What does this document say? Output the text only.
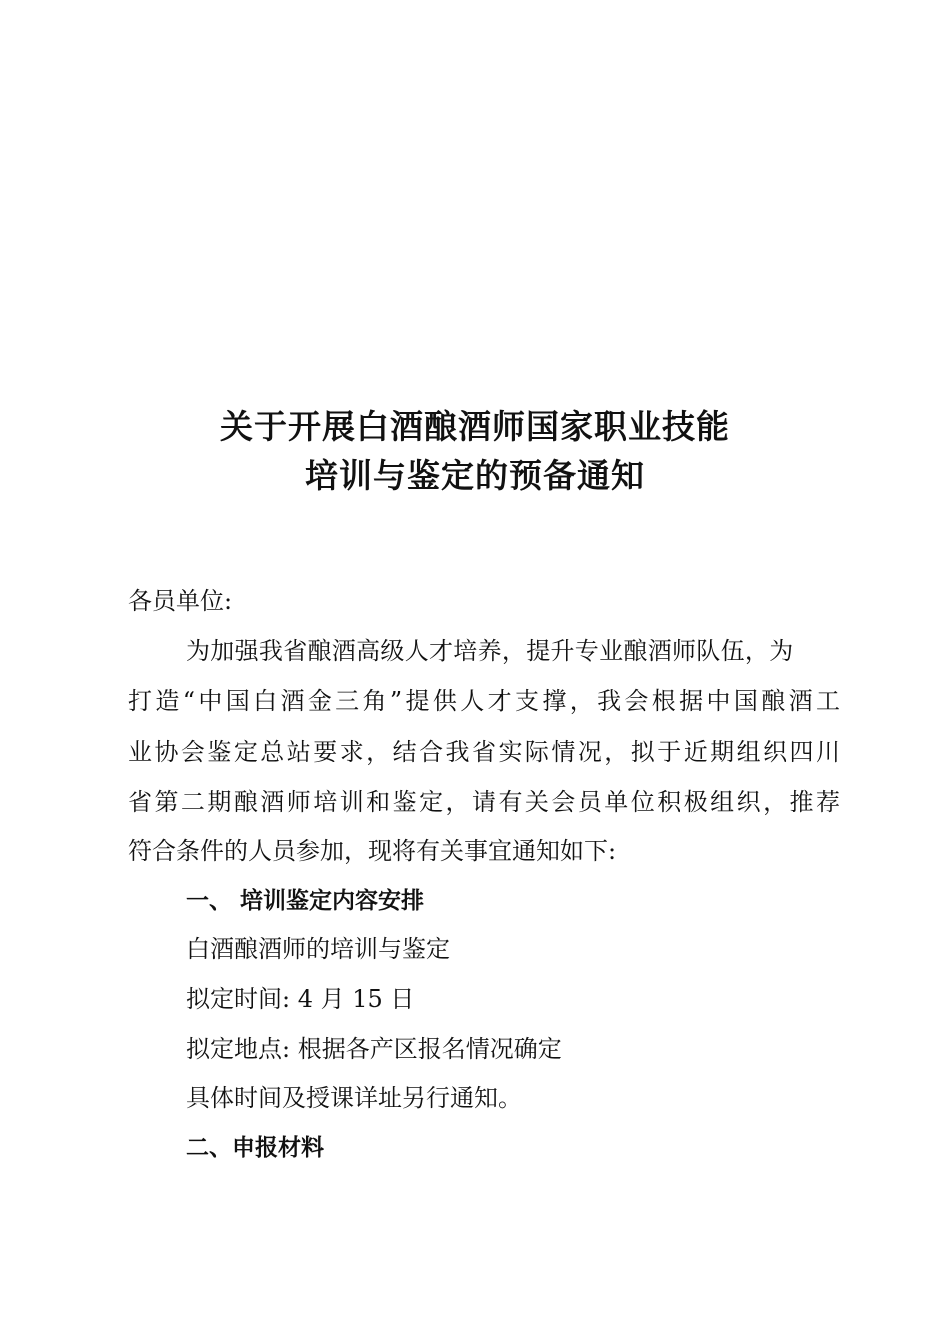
关于开展白酒酿酒师国家职业技能
培训与鉴定的预备通知
各员单位:
为加强我省酿酒高级人才培养，提升专业酿酒师队伍，为
打造“中国白酒金三角”提供人才支撑，我会根据中国酿酒工
业协会鉴定总站要求，结合我省实际情况，拟于近期组织四川
省第二期酿酒师培训和鉴定，请有关会员单位积极组织，推荐
符合条件的人员参加，现将有关事宜通知如下:
一、 培训鉴定内容安排
白酒酿酒师的培训与鉴定
拟定时间: 4 月 15 日
拟定地点: 根据各产区报名情况确定
具体时间及授课详址另行通知。
二、申报材料
